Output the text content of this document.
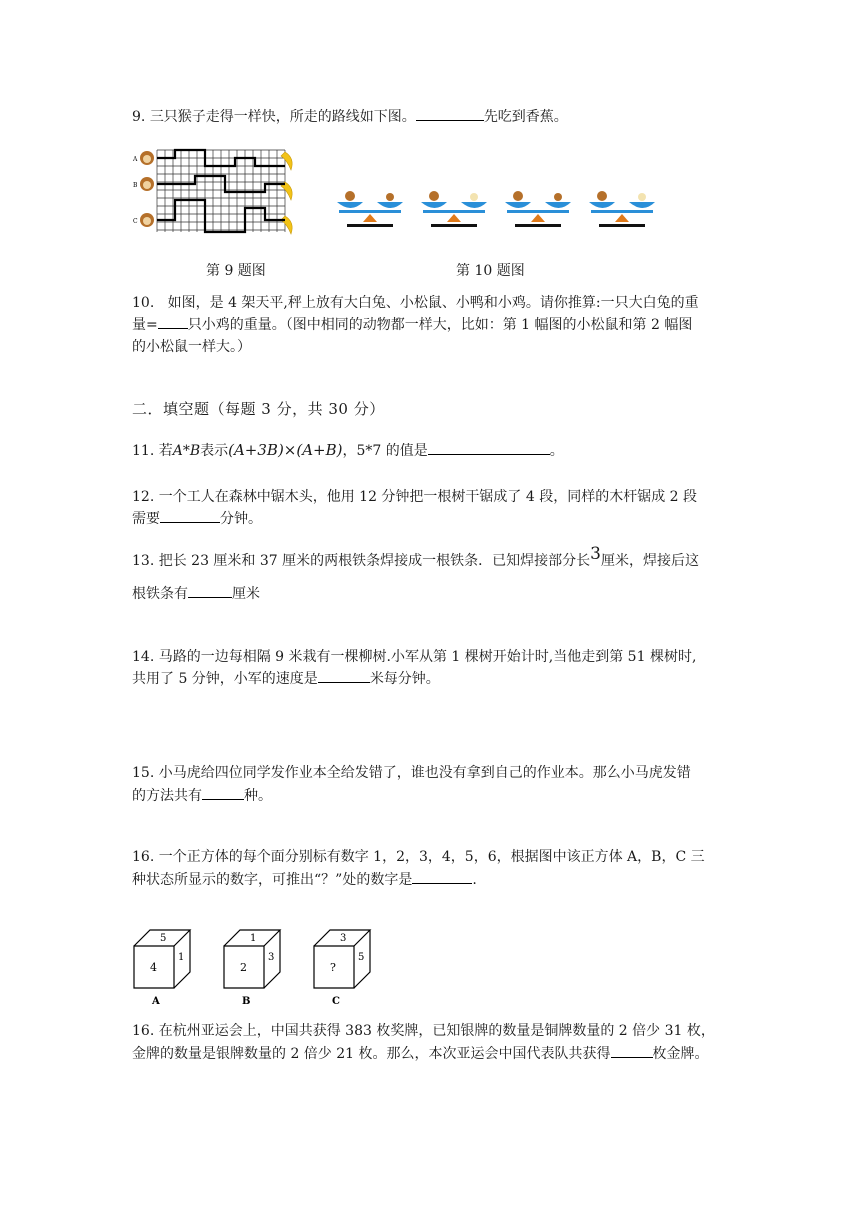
9. 三只猴子走得一样快，所走的路线如下图。	先吃到香蕉。
A
B
C
第 9 题图	第 10 题图
10. 如图，是 4 架天平,秤上放有大白兔、小松鼠、小鸭和小鸡。请你推算:一只大白兔的重
量= 只小鸡的重量。（图中相同的动物都一样大，比如：第 1 幅图的小松鼠和第 2 幅图
的小松鼠一样大。）
二．填空题（每题 3 分，共 30 分）
11. 若A*B表示(A+3B)×(A+B)，5*7 的值是	。
12. 一个工人在森林中锯木头，他用 12 分钟把一根树干锯成了 4 段，同样的木杆锯成 2 段
需要	分钟。
13. 把长 23 厘米和 37 厘米的两根铁条焊接成一根铁条．已知焊接部分长3厘米，焊接后这
根铁条有	厘米
14. 马路的一边每相隔 9 米栽有一棵柳树.小军从第 1 棵树开始计时,当他走到第 51 棵树时,
共用了 5 分钟，小军的速度是	米每分钟。
15. 小马虎给四位同学发作业本全给发错了，谁也没有拿到自己的作业本。那么小马虎发错
的方法共有	种。
16. 一个正方体的每个面分别标有数字 1，2，3，4，5，6，根据图中该正方体 A，B，C 三
种状态所显示的数字，可推出“？”处的数字是	.
5
4
1
A
1
2
3
B
3
?
5
C
16. 在杭州亚运会上，中国共获得 383 枚奖牌，已知银牌的数量是铜牌数量的 2 倍少 31 枚，
金牌的数量是银牌数量的 2 倍少 21 枚。那么，本次亚运会中国代表队共获得	枚金牌。
